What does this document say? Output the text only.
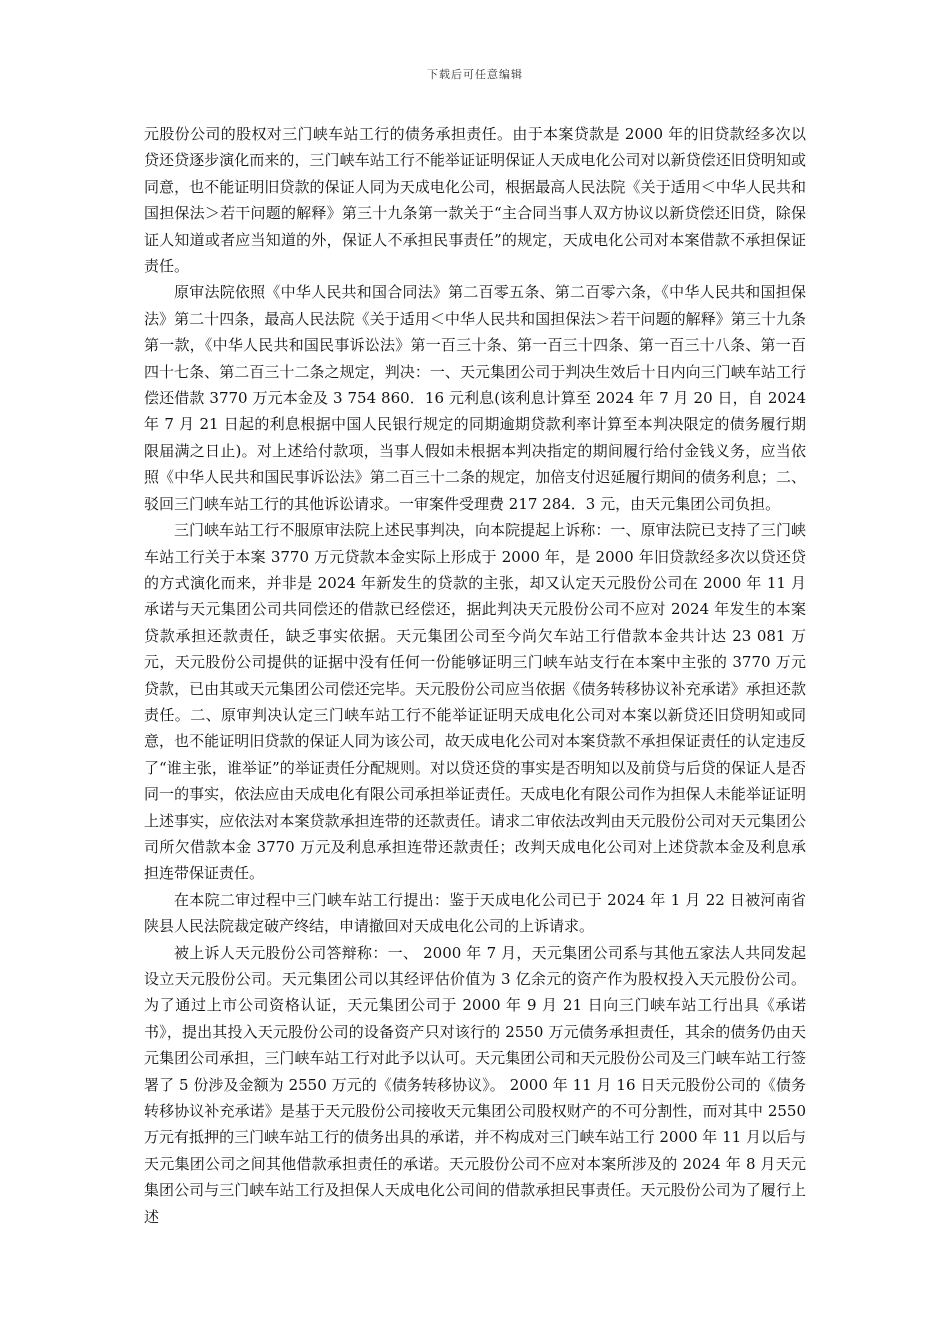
下载后可任意编辑

元股份公司的股权对三门峡车站工行的债务承担责任。由于本案贷款是 2000 年的旧贷款经多次以贷还贷逐步演化而来的，三门峡车站工行不能举证证明保证人天成电化公司对以新贷偿还旧贷明知或同意，也不能证明旧贷款的保证人同为天成电化公司，根据最高人民法院《关于适用＜中华人民共和国担保法＞若干问题的解释》第三十九条第一款关于“主合同当事人双方协议以新贷偿还旧贷，除保证人知道或者应当知道的外，保证人不承担民事责任”的规定，天成电化公司对本案借款不承担保证责任。

原审法院依照《中华人民共和国合同法》第二百零五条、第二百零六条，《中华人民共和国担保法》第二十四条，最高人民法院《关于适用＜中华人民共和国担保法＞若干问题的解释》第三十九条第一款，《中华人民共和国民事诉讼法》第一百三十条、第一百三十四条、第一百三十八条、第一百四十七条、第二百三十二条之规定，判决：一、天元集团公司于判决生效后十日内向三门峡车站工行偿还借款 3770 万元本金及 3 754 860．16 元利息(该利息计算至 2024 年 7 月 20 日，自 2024 年 7 月 21 日起的利息根据中国人民银行规定的同期逾期贷款利率计算至本判决限定的债务履行期限届满之日止)。对上述给付款项，当事人假如未根据本判决指定的期间履行给付金钱义务，应当依照《中华人民共和国民事诉讼法》第二百三十二条的规定，加倍支付迟延履行期间的债务利息；二、驳回三门峡车站工行的其他诉讼请求。一审案件受理费 217 284．3 元，由天元集团公司负担。

三门峡车站工行不服原审法院上述民事判决，向本院提起上诉称：一、原审法院已支持了三门峡车站工行关于本案 3770 万元贷款本金实际上形成于 2000 年，是 2000 年旧贷款经多次以贷还贷的方式演化而来，并非是 2024 年新发生的贷款的主张，却又认定天元股份公司在 2000 年 11 月承诺与天元集团公司共同偿还的借款已经偿还，据此判决天元股份公司不应对 2024 年发生的本案贷款承担还款责任，缺乏事实依据。天元集团公司至今尚欠车站工行借款本金共计达 23 081 万元，天元股份公司提供的证据中没有任何一份能够证明三门峡车站支行在本案中主张的 3770 万元贷款，已由其或天元集团公司偿还完毕。天元股份公司应当依据《债务转移协议补充承诺》承担还款责任。二、原审判决认定三门峡车站工行不能举证证明天成电化公司对本案以新贷还旧贷明知或同意，也不能证明旧贷款的保证人同为该公司，故天成电化公司对本案贷款不承担保证责任的认定违反了“谁主张，谁举证”的举证责任分配规则。对以贷还贷的事实是否明知以及前贷与后贷的保证人是否同一的事实，依法应由天成电化有限公司承担举证责任。天成电化有限公司作为担保人未能举证证明上述事实，应依法对本案贷款承担连带的还款责任。请求二审依法改判由天元股份公司对天元集团公司所欠借款本金 3770 万元及利息承担连带还款责任；改判天成电化公司对上述贷款本金及利息承担连带保证责任。

在本院二审过程中三门峡车站工行提出：鉴于天成电化公司已于 2024 年 1 月 22 日被河南省陕县人民法院裁定破产终结，申请撤回对天成电化公司的上诉请求。

被上诉人天元股份公司答辩称：一、 2000 年 7 月，天元集团公司系与其他五家法人共同发起设立天元股份公司。天元集团公司以其经评估价值为 3 亿余元的资产作为股权投入天元股份公司。为了通过上市公司资格认证，天元集团公司于 2000 年 9 月 21 日向三门峡车站工行出具《承诺书》，提出其投入天元股份公司的设备资产只对该行的 2550 万元债务承担责任，其余的债务仍由天元集团公司承担，三门峡车站工行对此予以认可。天元集团公司和天元股份公司及三门峡车站工行签署了 5 份涉及金额为 2550 万元的《债务转移协议》。 2000 年 11 月 16 日天元股份公司的《债务转移协议补充承诺》是基于天元股份公司接收天元集团公司股权财产的不可分割性，而对其中 2550 万元有抵押的三门峡车站工行的债务出具的承诺，并不构成对三门峡车站工行 2000 年 11 月以后与天元集团公司之间其他借款承担责任的承诺。天元股份公司不应对本案所涉及的 2024 年 8 月天元集团公司与三门峡车站工行及担保人天成电化公司间的借款承担民事责任。天元股份公司为了履行上述
